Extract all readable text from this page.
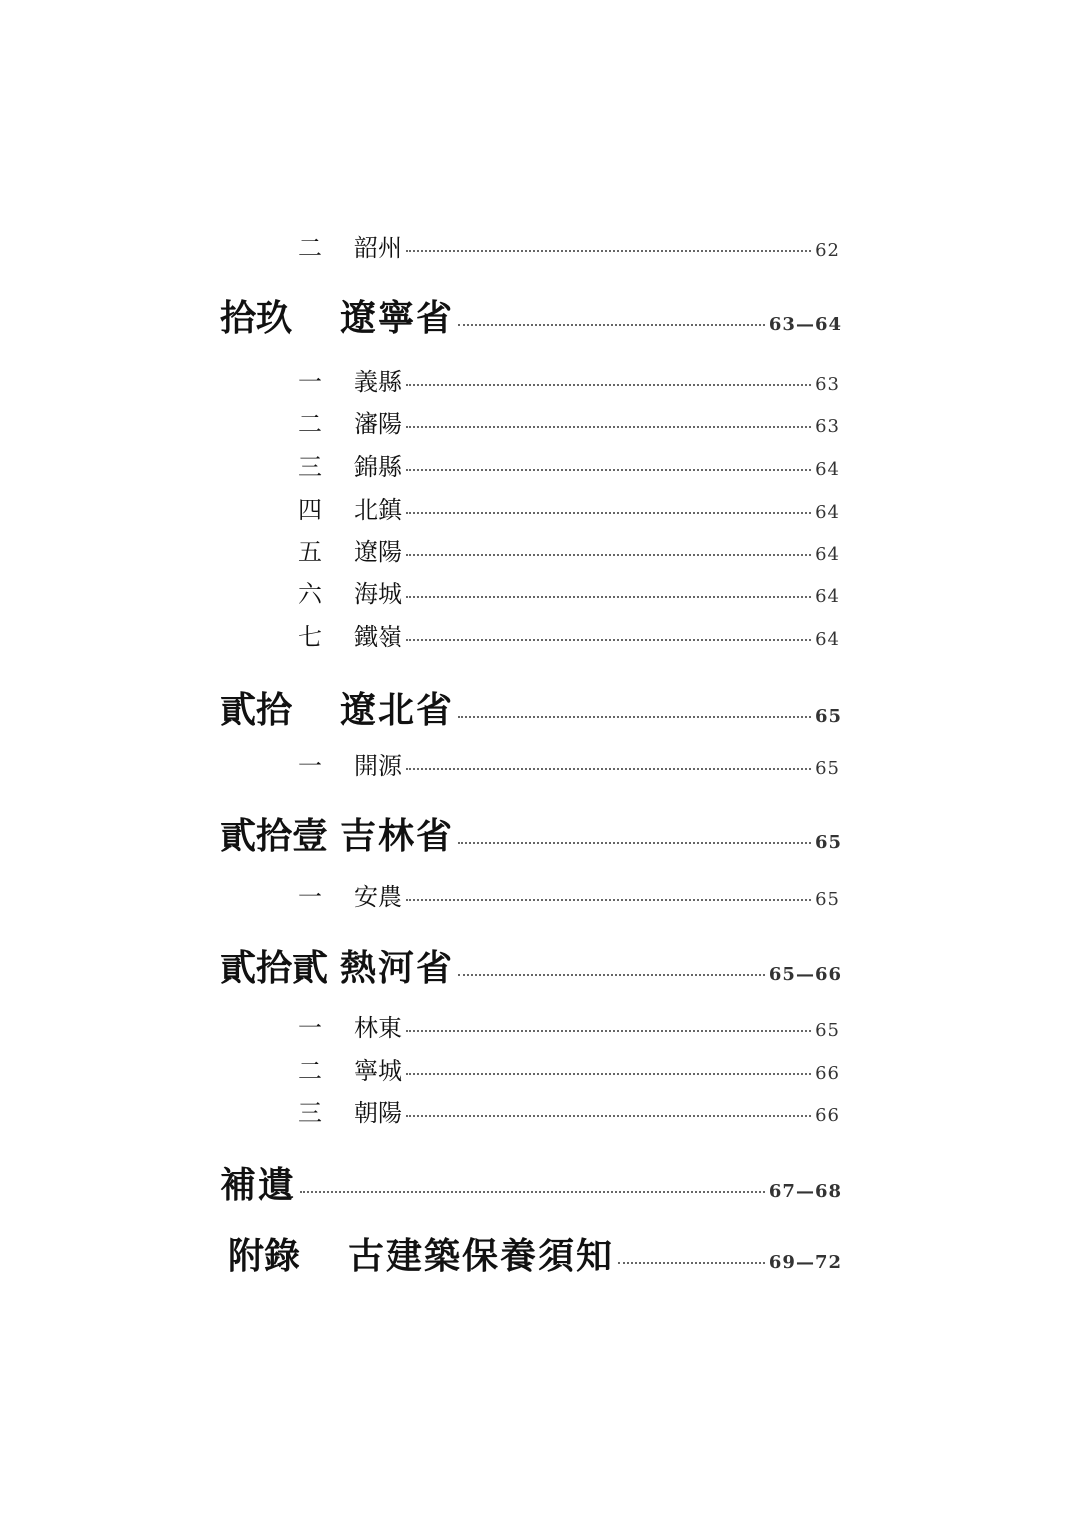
二	韶州	62
拾玖	遼寧省	63—64
一	義縣	63
二	瀋陽	63
三	錦縣	64
四	北鎮	64
五	遼陽	64
六	海城	64
七	鐵嶺	64
貳拾	遼北省	65
一	開源	65
貳拾壹 吉林省	65
一	安農	65
貳拾貳 熱河省	65—66
一	林東	65
二	寧城	66
三	朝陽	66
補遺	67—68
附錄	古建築保養須知	69—72
